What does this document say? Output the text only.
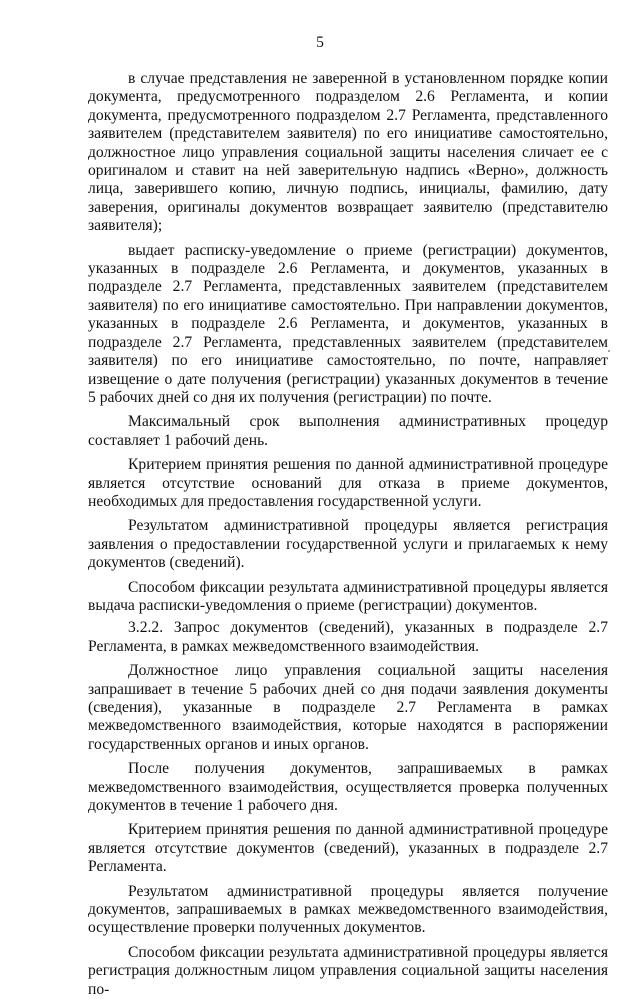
5

в случае представления не заверенной в установленном порядке копии документа, предусмотренного подразделом 2.6 Регламента, и копии документа, предусмотренного подразделом 2.7 Регламента, представленного заявителем (представителем заявителя) по его инициативе самостоятельно, должностное лицо управления социальной защиты населения сличает ее с оригиналом и ставит на ней заверительную надпись «Верно», должность лица, заверившего копию, личную подпись, инициалы, фамилию, дату заверения, оригиналы документов возвращает заявителю (представителю заявителя);

выдает расписку-уведомление о приеме (регистрации) документов, указанных в подразделе 2.6 Регламента, и документов, указанных в подразделе 2.7 Регламента, представленных заявителем (представителем заявителя) по его инициативе самостоятельно. При направлении документов, указанных в подразделе 2.6 Регламента, и документов, указанных в подразделе 2.7 Регламента, представленных заявителем (представителем заявителя) по его инициативе самостоятельно, по почте, направляет извещение о дате получения (регистрации) указанных документов в течение 5 рабочих дней со дня их получения (регистрации) по почте.

Максимальный срок выполнения административных процедур составляет 1 рабочий день.

Критерием принятия решения по данной административной процедуре является отсутствие оснований для отказа в приеме документов, необходимых для предоставления государственной услуги.

Результатом административной процедуры является регистрация заявления о предоставлении государственной услуги и прилагаемых к нему документов (сведений).

Способом фиксации результата административной процедуры является выдача расписки-уведомления о приеме (регистрации) документов.

3.2.2. Запрос документов (сведений), указанных в подразделе 2.7 Регламента, в рамках межведомственного взаимодействия.

Должностное лицо управления социальной защиты населения запрашивает в течение 5 рабочих дней со дня подачи заявления документы (сведения), указанные в подразделе 2.7 Регламента в рамках межведомственного взаимодействия, которые находятся в распоряжении государственных органов и иных органов.

После получения документов, запрашиваемых в рамках межведомственного взаимодействия, осуществляется проверка полученных документов в течение 1 рабочего дня.

Критерием принятия решения по данной административной процедуре является отсутствие документов (сведений), указанных в подразделе 2.7 Регламента.

Результатом административной процедуры является получение документов, запрашиваемых в рамках межведомственного взаимодействия, осуществление проверки полученных документов.

Способом фиксации результата административной процедуры является регистрация должностным лицом управления социальной защиты населения по-
